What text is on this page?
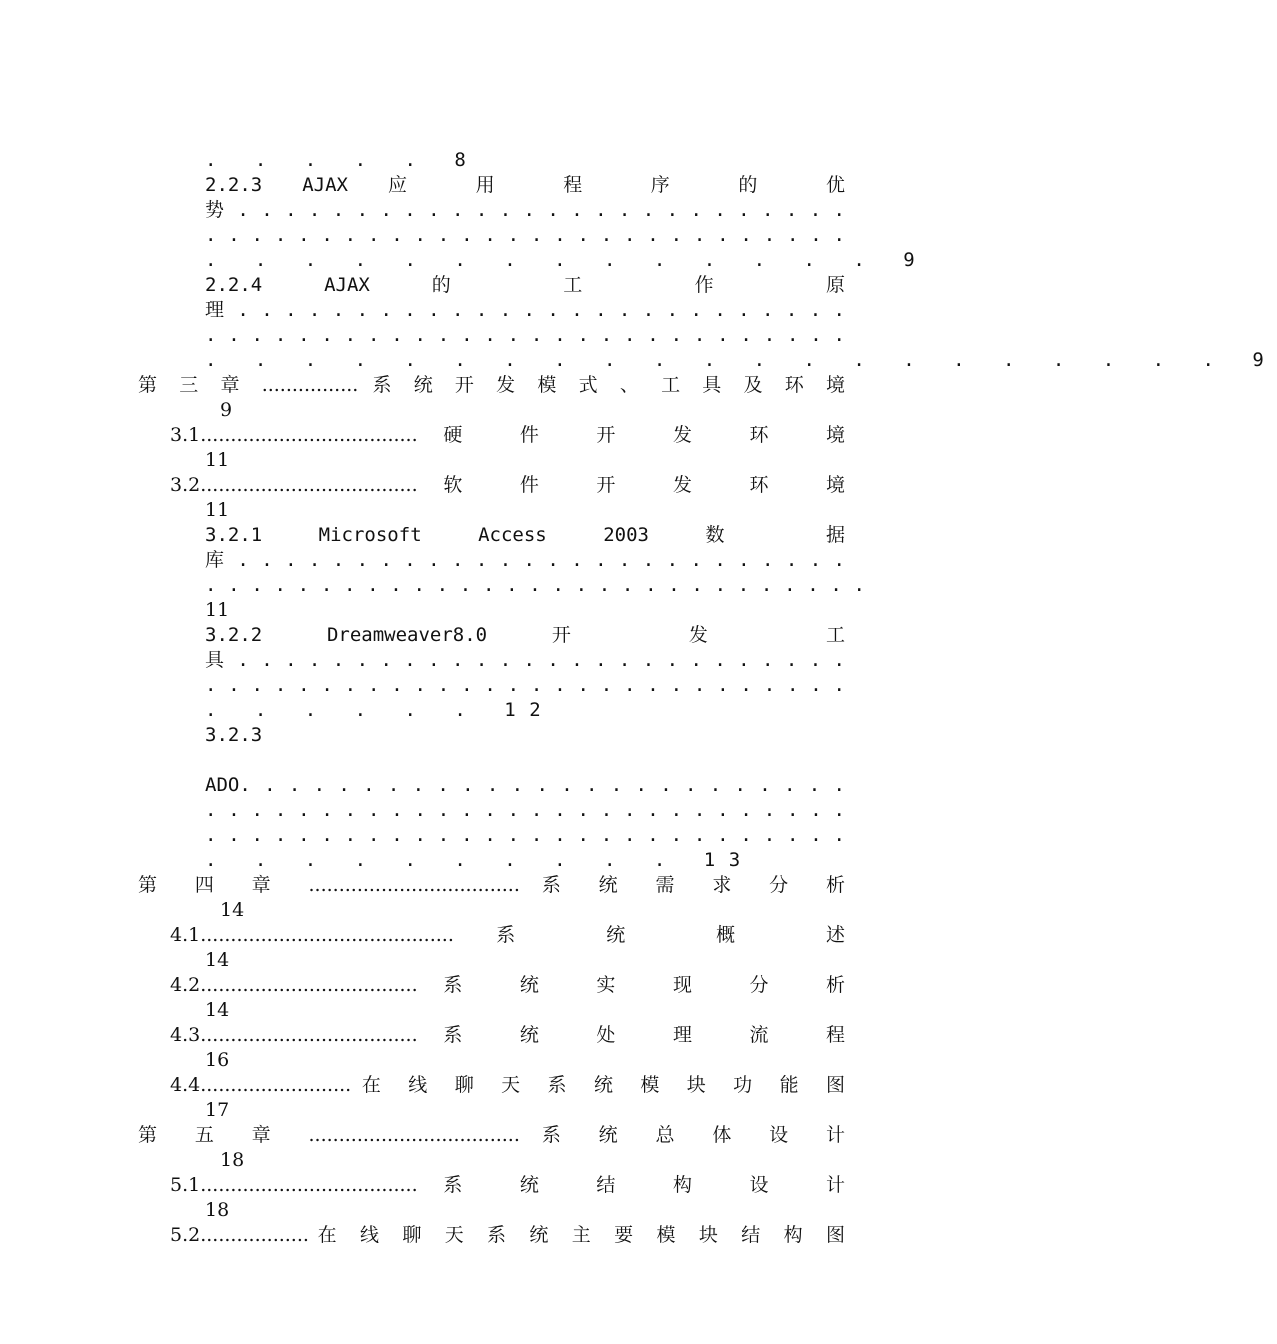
. . . . . 8
2.2.3 AJAX 应 用 程 序 的 优
势 . . . . . . . . . . . . . . . . . . . . . . . . . .
. . . . . . . . . . . . . . . . . . . . . . . . . . . .
. . . . . . . . . . . . . . 9
2.2.4 AJAX 的 工 作 原
理 . . . . . . . . . . . . . . . . . . . . . . . . . .
. . . . . . . . . . . . . . . . . . . . . . . . . . . .
. . . . . . . . . . . . . . . . . . . . . 9
第 三 章 ................ 系 统 开 发 模 式 、 工 具 及 环 境
9
3.1....................................硬 件 开 发 环 境
11
3.2....................................软 件 开 发 环 境
11
3.2.1 Microsoft Access 2003 数 据
库 . . . . . . . . . . . . . . . . . . . . . . . . . .
. . . . . . . . . . . . . . . . . . . . . . . . . . . . .
11
3.2.2 Dreamweaver8.0 开 发 工
具 . . . . . . . . . . . . . . . . . . . . . . . . . .
. . . . . . . . . . . . . . . . . . . . . . . . . . . .
. . . . . . 12
3.2.3
ADO. . . . . . . . . . . . . . . . . . . . . . . . .
. . . . . . . . . . . . . . . . . . . . . . . . . . . .
. . . . . . . . . . . . . . . . . . . . . . . . . . . .
. . . . . . . . . . 13
第 四 章 ................................... 系 统 需 求 分 析
14
4.1..........................................系 统 概 述
14
4.2....................................系 统 实 现 分 析
14
4.3....................................系 统 处 理 流 程
16
4.4.........................在 线 聊 天 系 统 模 块 功 能 图
17
第 五 章 ................................... 系 统 总 体 设 计
18
5.1....................................系 统 结 构 设 计
18
5.2..................在 线 聊 天 系 统 主 要 模 块 结 构 图
